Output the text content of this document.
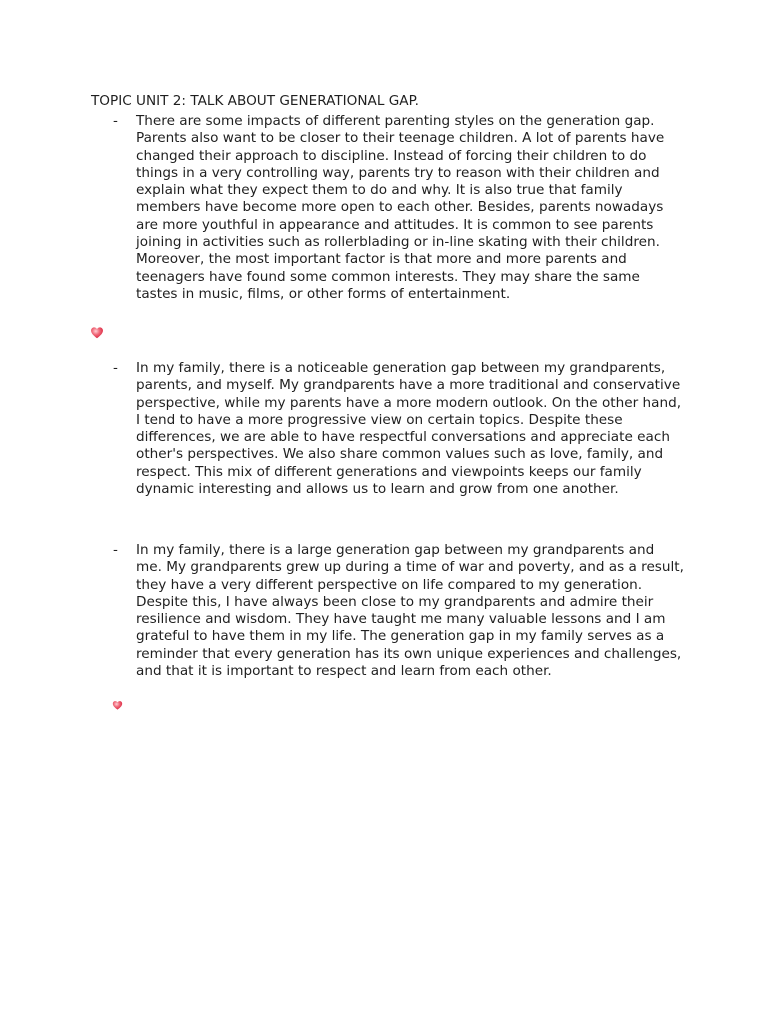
TOPIC UNIT 2: TALK ABOUT GENERATIONAL GAP.
-	There are some impacts of different parenting styles on the generation gap. Parents also want to be closer to their teenage children. A lot of parents have changed their approach to discipline. Instead of forcing their children to do things in a very controlling way, parents try to reason with their children and explain what they expect them to do and why. It is also true that family members have become more open to each other. Besides, parents nowadays are more youthful in appearance and attitudes. It is common to see parents joining in activities such as rollerblading or in-line skating with their children. Moreover, the most important factor is that more and more parents and teenagers have found some common interests. They may share the same tastes in music, films, or other forms of entertainment.
-	In my family, there is a noticeable generation gap between my grandparents, parents, and myself. My grandparents have a more traditional and conservative perspective, while my parents have a more modern outlook. On the other hand, I tend to have a more progressive view on certain topics. Despite these differences, we are able to have respectful conversations and appreciate each other's perspectives. We also share common values such as love, family, and respect. This mix of different generations and viewpoints keeps our family dynamic interesting and allows us to learn and grow from one another.
-	In my family, there is a large generation gap between my grandparents and me. My grandparents grew up during a time of war and poverty, and as a result, they have a very different perspective on life compared to my generation. Despite this, I have always been close to my grandparents and admire their resilience and wisdom. They have taught me many valuable lessons and I am grateful to have them in my life. The generation gap in my family serves as a reminder that every generation has its own unique experiences and challenges, and that it is important to respect and learn from each other.
